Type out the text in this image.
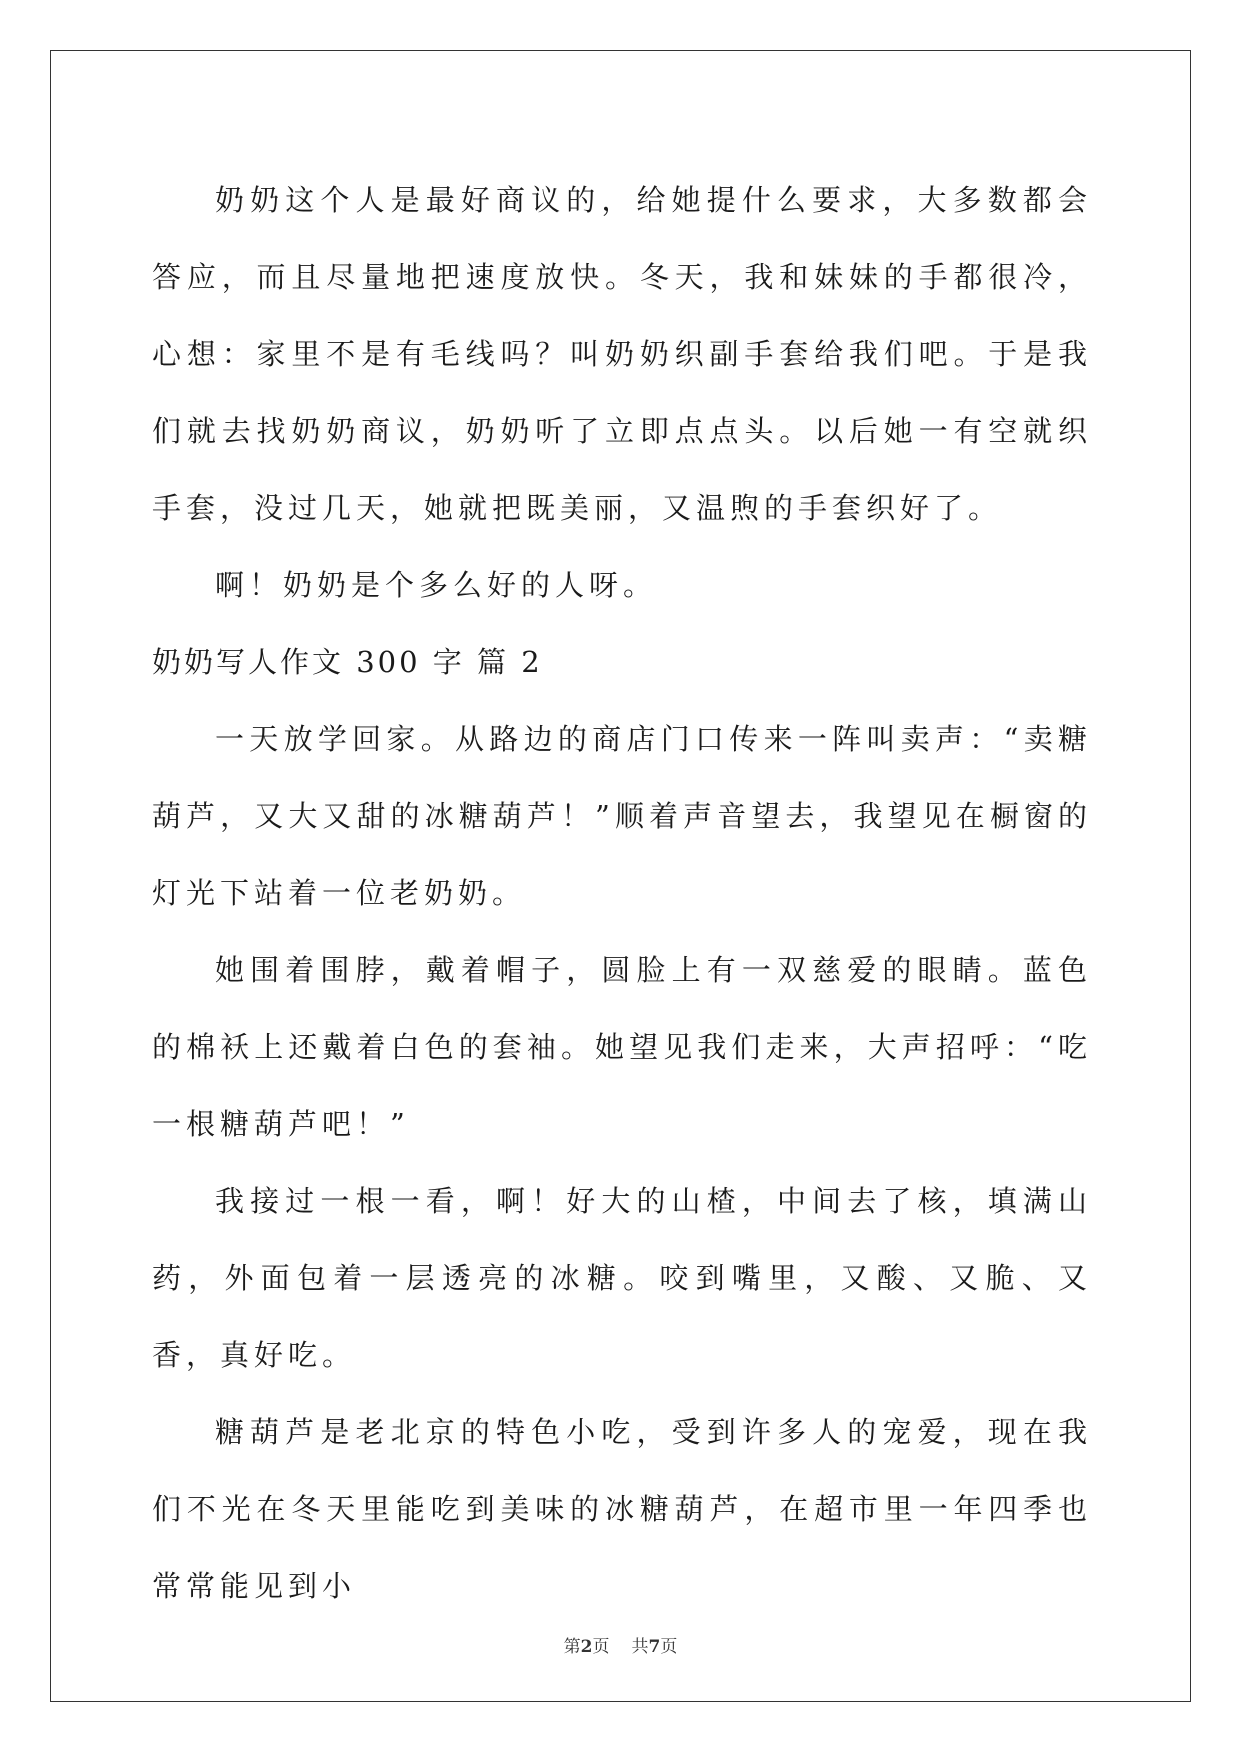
奶奶这个人是最好商议的，给她提什么要求，大多数都会答应，而且尽量地把速度放快。冬天，我和妹妹的手都很冷，心想：家里不是有毛线吗？叫奶奶织副手套给我们吧。于是我们就去找奶奶商议，奶奶听了立即点点头。以后她一有空就织手套，没过几天，她就把既美丽，又温煦的手套织好了。

啊！奶奶是个多么好的人呀。

奶奶写人作文 300 字 篇 2

一天放学回家。从路边的商店门口传来一阵叫卖声：“卖糖葫芦，又大又甜的冰糖葫芦！”顺着声音望去，我望见在橱窗的灯光下站着一位老奶奶。

她围着围脖，戴着帽子，圆脸上有一双慈爱的眼睛。蓝色的棉袄上还戴着白色的套袖。她望见我们走来，大声招呼：“吃一根糖葫芦吧！”

我接过一根一看，啊！好大的山楂，中间去了核，填满山药，外面包着一层透亮的冰糖。咬到嘴里，又酸、又脆、又香，真好吃。

糖葫芦是老北京的特色小吃，受到许多人的宠爱，现在我们不光在冬天里能吃到美味的冰糖葫芦，在超市里一年四季也常常能见到小

第2页 共7页
